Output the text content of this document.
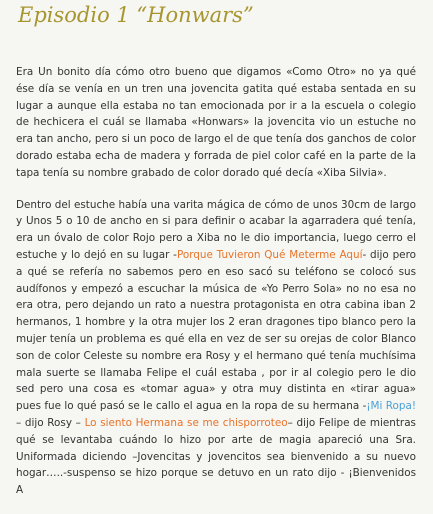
Episodio 1 “Honwars”

Era Un bonito día cómo otro bueno que digamos «Como Otro» no ya qué ése día se venía en un tren una jovencita gatita qué estaba sentada en su lugar a aunque ella estaba no tan emocionada por ir a la escuela o colegio de hechicera el cuál se llamaba «Honwars» la jovencita vio un estuche no era tan ancho, pero si un poco de largo el de que tenía dos ganchos de color dorado estaba echa de madera y forrada de piel color café en la parte de la tapa tenía su nombre grabado de color dorado qué decía «Xiba Silvia».

Dentro del estuche había una varita mágica de cómo de unos 30cm de largo y Unos 5 o 10 de ancho en si para definir o acabar la agarradera qué tenía, era un óvalo de color Rojo pero a Xiba no le dio importancia, luego cerro el estuche y lo dejó en su lugar -Porque Tuvieron Qué Meterme Aquí- dijo pero a qué se refería no sabemos pero en eso sacó su teléfono se colocó sus audífonos y empezó a escuchar la música de «Yo Perro Sola» no no esa no era otra, pero dejando un rato a nuestra protagonista en otra cabina iban 2 hermanos, 1 hombre y la otra mujer los 2 eran dragones tipo blanco pero la mujer tenía un problema es qué ella en vez de ser su orejas de color Blanco son de color Celeste su nombre era Rosy y el hermano qué tenía muchísima mala suerte se llamaba Felipe el cuál estaba , por ir al colegio pero le dio sed pero una cosa es «tomar agua» y otra muy distinta en «tirar agua» pues fue lo qué pasó se le callo el agua en la ropa de su hermana -¡Mi Ropa! – dijo Rosy – Lo siento Hermana se me chisporroteo– dijo Felipe de mientras qué se levantaba cuándo lo hizo por arte de magia apareció una Sra. Uniformada diciendo –Jovencitas y jovencitos sea bienvenido a su nuevo hogar…..-suspenso se hizo porque se detuvo en un rato dijo - ¡Bienvenidos A
